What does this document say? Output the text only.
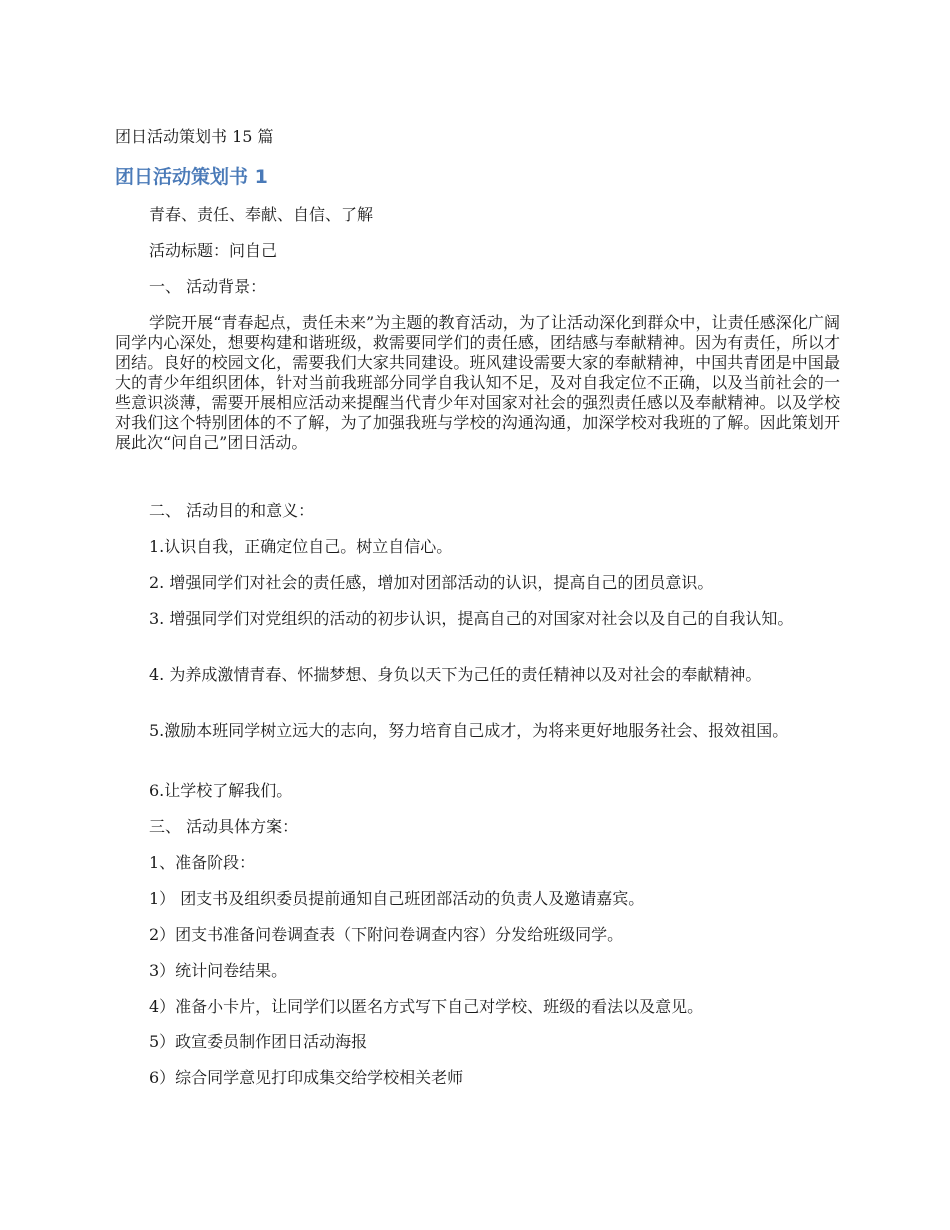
团日活动策划书 15 篇
团日活动策划书 1

青春、责任、奉献、自信、了解

活动标题：问自己

一、 活动背景：

学院开展“青春起点，责任未来”为主题的教育活动，为了让活动深化到群众中，让责任感深化广阔同学内心深处，想要构建和谐班级，救需要同学们的责任感，团结感与奉献精神。因为有责任，所以才团结。良好的校园文化，需要我们大家共同建设。班风建设需要大家的奉献精神，中国共青团是中国最大的青少年组织团体，针对当前我班部分同学自我认知不足，及对自我定位不正确，以及当前社会的一些意识淡薄，需要开展相应活动来提醒当代青少年对国家对社会的强烈责任感以及奉献精神。以及学校对我们这个特别团体的不了解，为了加强我班与学校的沟通沟通，加深学校对我班的了解。因此策划开展此次“问自己”团日活动。

二、 活动目的和意义：

1.认识自我，正确定位自己。树立自信心。

2. 增强同学们对社会的责任感，增加对团部活动的认识，提高自己的团员意识。

3. 增强同学们对党组织的活动的初步认识，提高自己的对国家对社会以及自己的自我认知。

4. 为养成激情青春、怀揣梦想、身负以天下为己任的责任精神以及对社会的奉献精神。

5.激励本班同学树立远大的志向，努力培育自己成才，为将来更好地服务社会、报效祖国。

6.让学校了解我们。

三、 活动具体方案：

1、准备阶段：

1） 团支书及组织委员提前通知自己班团部活动的负责人及邀请嘉宾。

2）团支书准备问卷调查表（下附问卷调查内容）分发给班级同学。

3）统计问卷结果。

4）准备小卡片，让同学们以匿名方式写下自己对学校、班级的看法以及意见。

5）政宣委员制作团日活动海报

6）综合同学意见打印成集交给学校相关老师
